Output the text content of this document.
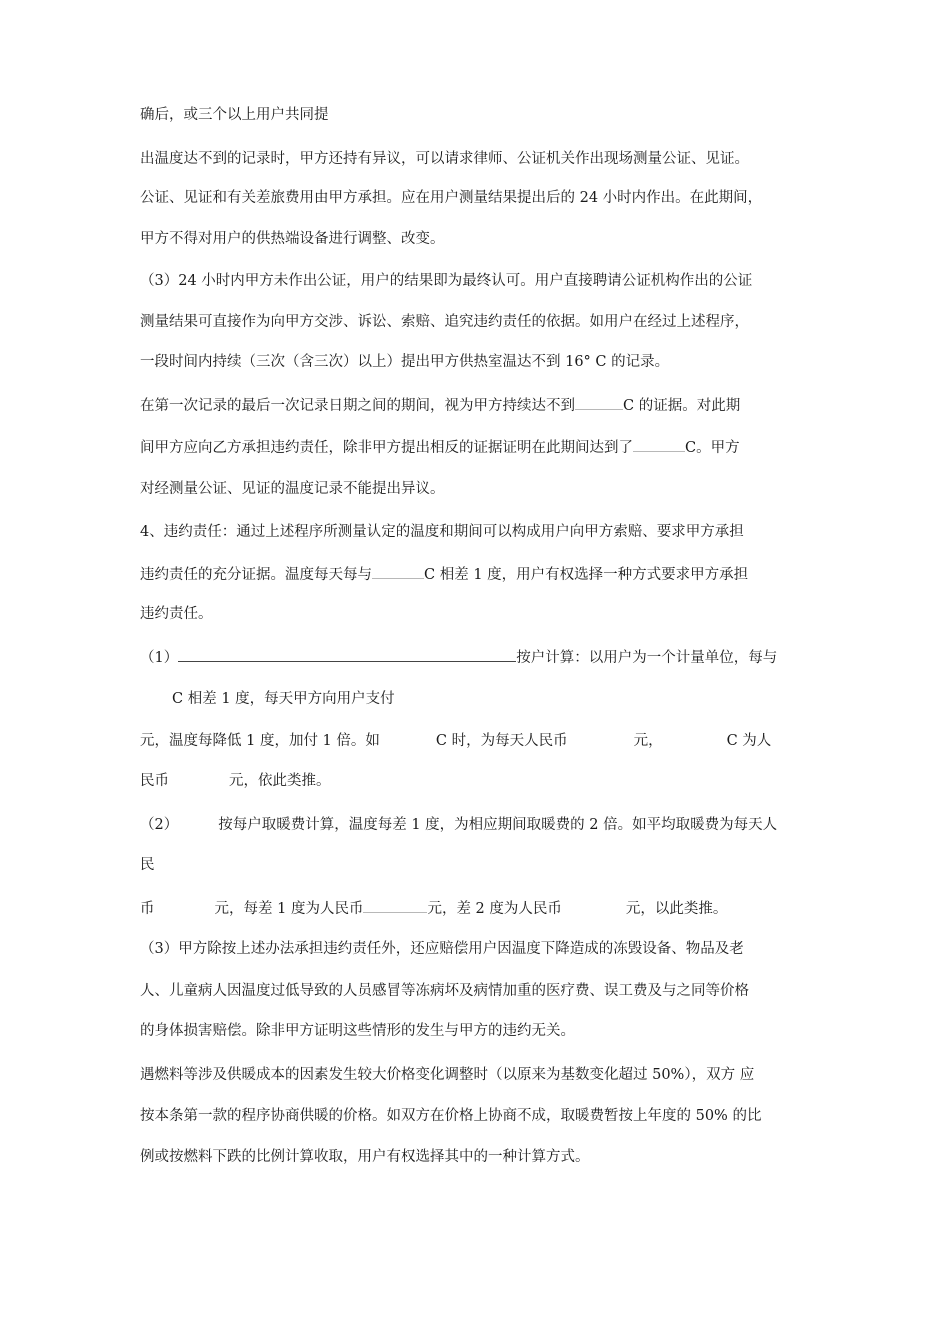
确后，或三个以上用户共同提
出温度达不到的记录时，甲方还持有异议，可以请求律师、公证机关作出现场测量公证、见证。
公证、见证和有关差旅费用由甲方承担。应在用户测量结果提出后的 24 小时内作出。在此期间，
甲方不得对用户的供热端设备进行调整、改变。
（3）24 小时内甲方未作出公证，用户的结果即为最终认可。用户直接聘请公证机构作出的公证
测量结果可直接作为向甲方交涉、诉讼、索赔、追究违约责任的依据。如用户在经过上述程序，
一段时间内持续（三次（含三次）以上）提出甲方供热室温达不到 16° C 的记录。
在第一次记录的最后一次记录日期之间的期间，视为甲方持续达不到	C 的证据。对此期
间甲方应向乙方承担违约责任，除非甲方提出相反的证据证明在此期间达到了	C。甲方
对经测量公证、见证的温度记录不能提出异议。
4、违约责任：通过上述程序所测量认定的温度和期间可以构成用户向甲方索赔、要求甲方承担
违约责任的充分证据。温度每天每与	C 相差 1 度，用户有权选择一种方式要求甲方承担
违约责任。
（1）	按户计算：以用户为一个计量单位，每与
C 相差 1 度，每天甲方向用户支付
元，温度每降低 1 度，加付 1 倍。如	C 时，为每天人民币	元，	C 为人
民币	元，依此类推。
（2）	按每户取暖费计算，温度每差 1 度，为相应期间取暖费的 2 倍。如平均取暖费为每天人
民
币	元，每差 1 度为人民币	元，差 2 度为人民币	元，以此类推。
（3）甲方除按上述办法承担违约责任外，还应赔偿用户因温度下降造成的冻毁设备、物品及老
人、儿童病人因温度过低导致的人员感冒等冻病坏及病情加重的医疗费、误工费及与之同等价格
的身体损害赔偿。除非甲方证明这些情形的发生与甲方的违约无关。
遇燃料等涉及供暖成本的因素发生较大价格变化调整时（以原来为基数变化超过 50%），双方 应
按本条第一款的程序协商供暖的价格。如双方在价格上协商不成，取暖费暂按上年度的 50% 的比
例或按燃料下跌的比例计算收取，用户有权选择其中的一种计算方式。
